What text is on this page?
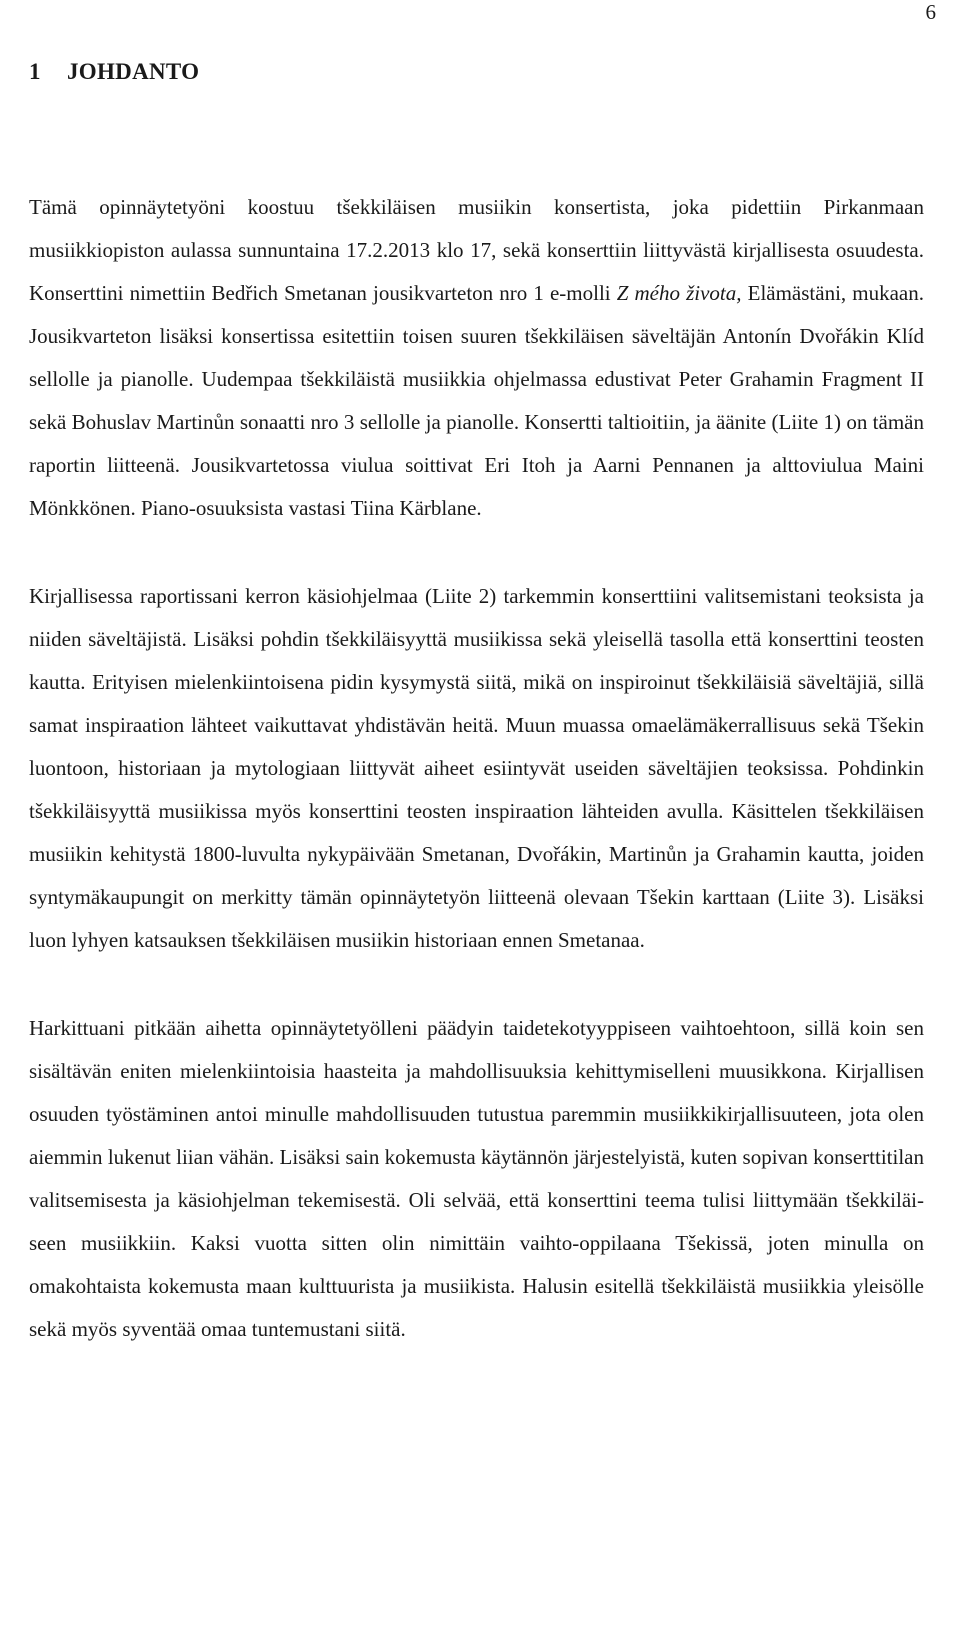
6
1 JOHDANTO

Tämä opinnäytetyöni koostuu tšekkiläisen musiikin konsertista, joka pidettiin Pirkanmaan musiikkiopiston aulassa sunnuntaina 17.2.2013 klo 17, sekä konserttiin liittyvästä kirjallisesta osuudesta. Konserttini nimettiin Bedřich Smetanan jousikvarteton nro 1 e-molli Z mého života, Elämästäni, mukaan. Jousikvarteton lisäksi konsertissa esitettiin toisen suuren tšekkiläisen säveltäjän Antonín Dvořákin Klíd sellolle ja pianolle. Uudempaa tšekkiläistä musiikkia ohjelmassa edustivat Peter Grahamin Fragment II sekä Bohuslav Martinůn sonaatti nro 3 sellolle ja pianolle. Konsertti taltioitiin, ja äänite (Liite 1) on tämän raportin liitteenä. Jousikvartetossa viulua soittivat Eri Itoh ja Aarni Pennanen ja alttoviulua Maini Mönkkönen. Piano-osuuksista vastasi Tiina Kärblane.

Kirjallisessa raportissani kerron käsiohjelmaa (Liite 2) tarkemmin konserttiini valitsemistani teoksista ja niiden säveltäjistä. Lisäksi pohdin tšekkiläisyyttä musiikissa sekä yleisellä tasolla että konserttini teosten kautta. Erityisen mielenkiintoisena pidin kysymystä siitä, mikä on inspiroinut tšekkiläisiä säveltäjiä, sillä samat inspiraation lähteet vaikuttavat yhdistävän heitä. Muun muassa omaelämäkerrallisuus sekä Tšekin luontoon, historiaan ja mytologiaan liittyvät aiheet esiintyvät useiden säveltäjien teoksissa. Pohdinkin tšekkiläisyyttä musiikissa myös konserttini teosten inspiraation lähteiden avulla. Käsittelen tšekkiläisen musiikin kehitystä 1800-luvulta nykypäivään Smetanan, Dvořákin, Martinůn ja Grahamin kautta, joiden syntymäkaupungit on merkitty tämän opinnäytetyön liitteenä olevaan Tšekin karttaan (Liite 3). Lisäksi luon lyhyen katsauksen tšekkiläisen musiikin historiaan ennen Smetanaa.

Harkittuani pitkään aihetta opinnäytetyölleni päädyin taidetekotyyppiseen vaihtoehtoon, sillä koin sen sisältävän eniten mielenkiintoisia haasteita ja mahdollisuuksia kehittymiselleni muusikkona. Kirjallisen osuuden työstäminen antoi minulle mahdollisuuden tutustua paremmin musiikkikirjallisuuteen, jota olen aiemmin lukenut liian vähän. Lisäksi sain kokemusta käytännön järjestelyistä, kuten sopivan konserttitilan valitsemisesta ja käsiohjelman tekemisestä. Oli selvää, että konserttini teema tulisi liittymään tšekkiläiseen musiikkiin. Kaksi vuotta sitten olin nimittäin vaihto-oppilaana Tšekissä, joten minulla on omakohtaista kokemusta maan kulttuurista ja musiikista. Halusin esitellä tšekkiläistä musiikkia yleisölle sekä myös syventää omaa tuntemustani siitä.
